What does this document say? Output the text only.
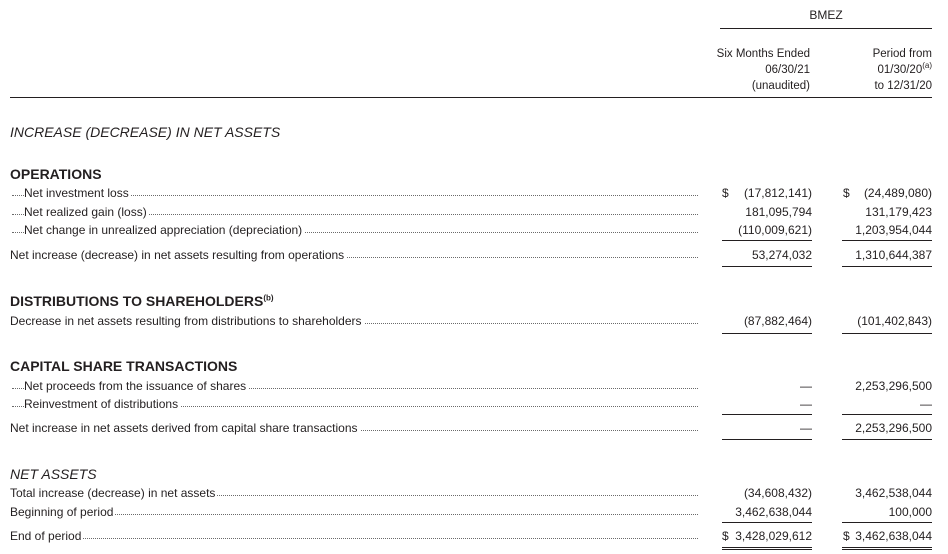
BMEZ
Six Months Ended
06/30/21
(unaudited)
Period from
01/30/20$^{(a)}$
to 12/31/20
INCREASE (DECREASE) IN NET ASSETS
OPERATIONS
Net investment loss	$	(17,812,141)	$	(24,489,080)
Net realized gain (loss)	181,095,794	131,179,423
Net change in unrealized appreciation (depreciation)	(110,009,621)	1,203,954,044
Net increase (decrease) in net assets resulting from operations	53,274,032	1,310,644,387
DISTRIBUTIONS TO SHAREHOLDERS$^{(b)}$
Decrease in net assets resulting from distributions to shareholders	(87,882,464)	(101,402,843)
CAPITAL SHARE TRANSACTIONS
Net proceeds from the issuance of shares	—	2,253,296,500
Reinvestment of distributions	—	—
Net increase in net assets derived from capital share transactions	—	2,253,296,500
NET ASSETS
Total increase (decrease) in net assets	(34,608,432)	3,462,538,044
Beginning of period	3,462,638,044	100,000
End of period	$ 3,428,029,612	$ 3,462,638,044
